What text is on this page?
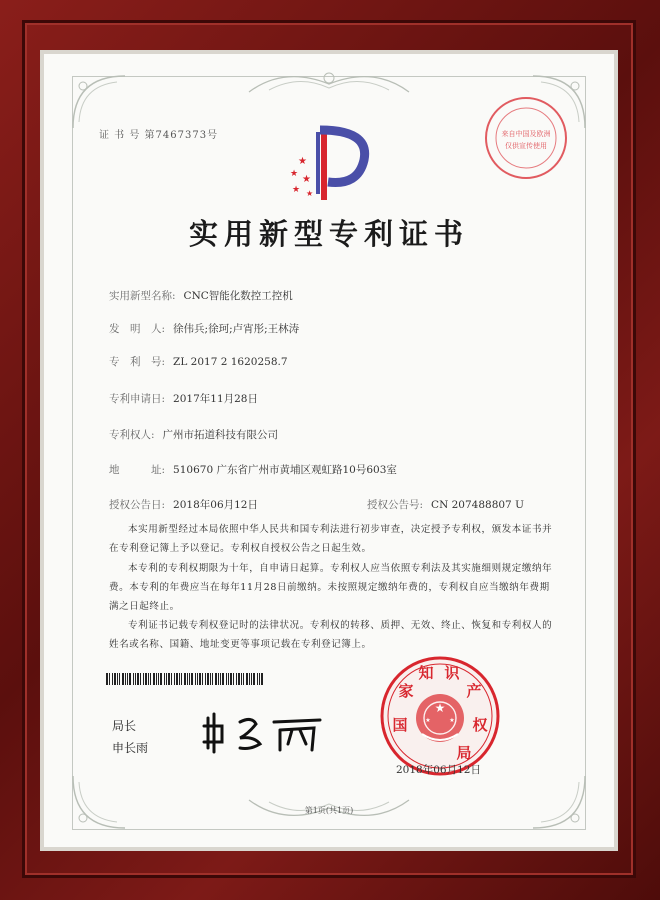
证 书 号 第7467373号
★
★ ★
★ ★
来自中国及欧洲
仅供宣传使用
实用新型专利证书
实用新型名称: CNC智能化数控工控机
发　明　人: 徐伟兵;徐珂;卢宵彤;王林涛
专　利　号: ZL 2017 2 1620258.7
专利申请日: 2017年11月28日
专利权人: 广州市拓道科技有限公司
地　　　址: 510670 广东省广州市黄埔区观虹路10号603室
授权公告日: 2018年06月12日	授权公告号: CN 207488807 U
本实用新型经过本局依照中华人民共和国专利法进行初步审查，决定授予专利权，颁发本证书并在专利登记簿上予以登记。专利权自授权公告之日起生效。
本专利的专利权期限为十年，自申请日起算。专利权人应当依照专利法及其实施细则规定缴纳年费。本专利的年费应当在每年11月28日前缴纳。未按照规定缴纳年费的，专利权自应当缴纳年费期满之日起终止。
专利证书记载专利权登记时的法律状况。专利权的转移、质押、无效、终止、恢复和专利权人的姓名或名称、国籍、地址变更等事项记载在专利登记簿上。
局长
申长雨
★
★	★
国
家
知 识
产
权
局
2018年06月12日
第1页(共1页)
